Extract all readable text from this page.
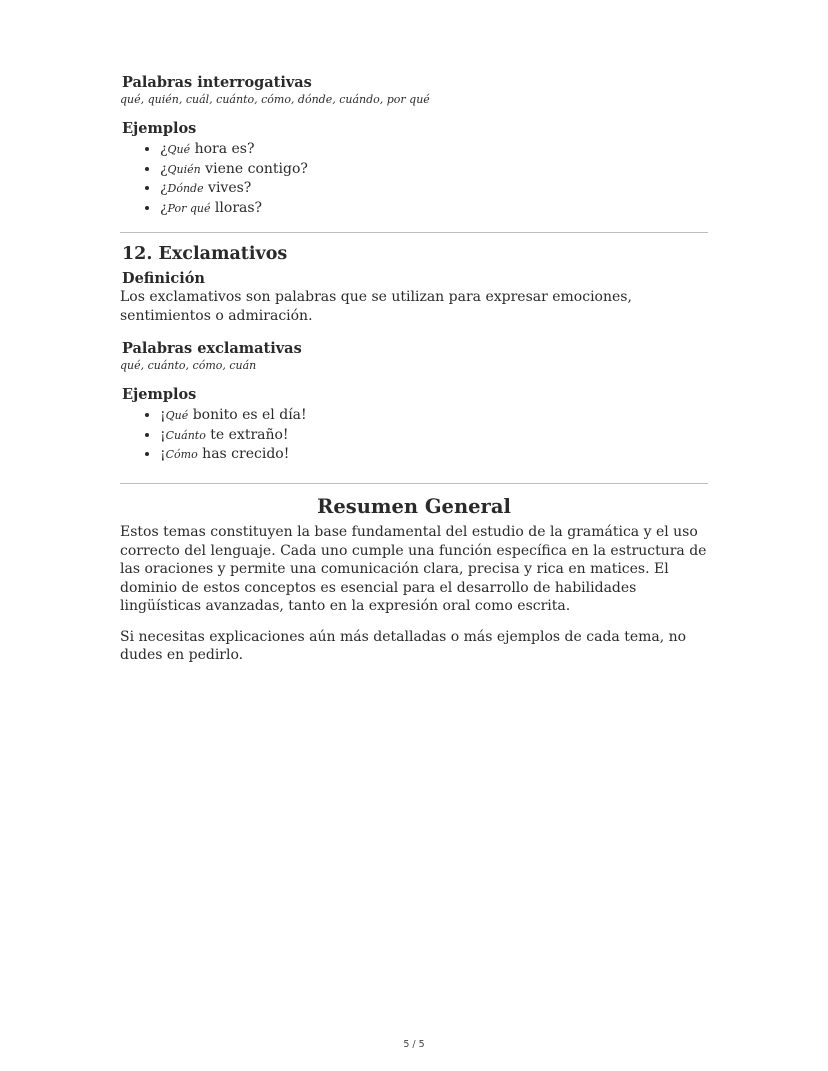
Palabras interrogativas

qué, quién, cuál, cuánto, cómo, dónde, cuándo, por qué

Ejemplos
• ¿Qué hora es?
• ¿Quién viene contigo?
• ¿Dónde vives?
• ¿Por qué lloras?
12. Exclamativos
Definición

Los exclamativos son palabras que se utilizan para expresar emociones, sentimientos o admiración.

Palabras exclamativas

qué, cuánto, cómo, cuán

Ejemplos
• ¡Qué bonito es el día!
• ¡Cuánto te extraño!
• ¡Cómo has crecido!
Resumen General

Estos temas constituyen la base fundamental del estudio de la gramática y el uso correcto del lenguaje. Cada uno cumple una función específica en la estructura de las oraciones y permite una comunicación clara, precisa y rica en matices. El dominio de estos conceptos es esencial para el desarrollo de habilidades lingüísticas avanzadas, tanto en la expresión oral como escrita.

Si necesitas explicaciones aún más detalladas o más ejemplos de cada tema, no dudes en pedirlo.

5 / 5
